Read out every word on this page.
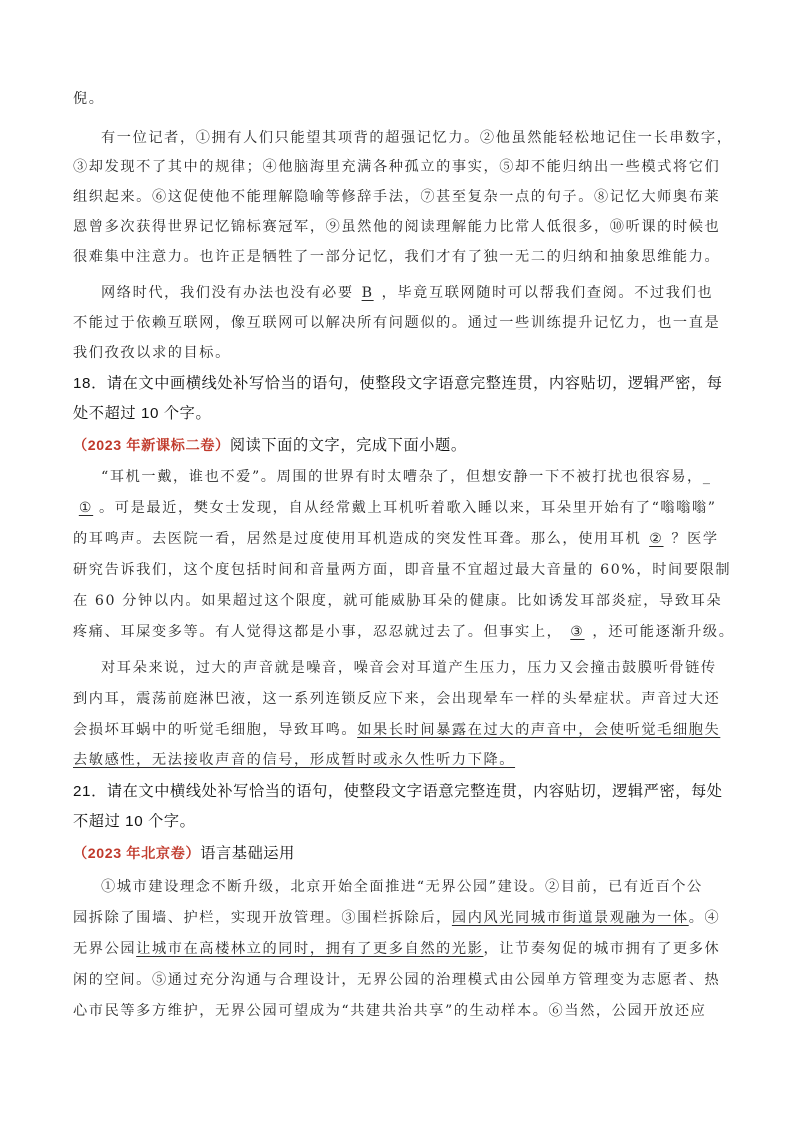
倪。
有一位记者，①拥有人们只能望其项背的超强记忆力。②他虽然能轻松地记住一长串数字，
③却发现不了其中的规律；④他脑海里充满各种孤立的事实，⑤却不能归纳出一些模式将它们
组织起来。⑥这促使他不能理解隐喻等修辞手法，⑦甚至复杂一点的句子。⑧记忆大师奥布莱
恩曾多次获得世界记忆锦标赛冠军，⑨虽然他的阅读理解能力比常人低很多，⑩听课的时候也
很难集中注意力。也许正是牺牲了一部分记忆，我们才有了独一无二的归纳和抽象思维能力。
网络时代，我们没有办法也没有必要 B ，毕竟互联网随时可以帮我们查阅。不过我们也
不能过于依赖互联网，像互联网可以解决所有问题似的。通过一些训练提升记忆力，也一直是
我们孜孜以求的目标。
18．请在文中画横线处补写恰当的语句，使整段文字语意完整连贯，内容贴切，逻辑严密，每
处不超过 10 个字。
（2023 年新课标二卷）阅读下面的文字，完成下面小题。
“耳机一戴，谁也不爱”。周围的世界有时太嘈杂了，但想安静一下不被打扰也很容易，_
① 。可是最近，樊女士发现，自从经常戴上耳机听着歌入睡以来，耳朵里开始有了“嗡嗡嗡”
的耳鸣声。去医院一看，居然是过度使用耳机造成的突发性耳聋。那么，使用耳机 ② ？医学
研究告诉我们，这个度包括时间和音量两方面，即音量不宜超过最大音量的 60%，时间要限制
在 60 分钟以内。如果超过这个限度，就可能威胁耳朵的健康。比如诱发耳部炎症，导致耳朵
疼痛、耳屎变多等。有人觉得这都是小事，忍忍就过去了。但事实上， ③ ，还可能逐渐升级。
对耳朵来说，过大的声音就是噪音，噪音会对耳道产生压力，压力又会撞击鼓膜听骨链传
到内耳，震荡前庭淋巴液，这一系列连锁反应下来，会出现晕车一样的头晕症状。声音过大还
会损坏耳蜗中的听觉毛细胞，导致耳鸣。如果长时间暴露在过大的声音中，会使听觉毛细胞失
去敏感性，无法接收声音的信号，形成暂时或永久性听力下降。
21．请在文中横线处补写恰当的语句，使整段文字语意完整连贯，内容贴切，逻辑严密，每处
不超过 10 个字。
（2023 年北京卷）语言基础运用
①城市建设理念不断升级，北京开始全面推进“无界公园”建设。②目前，已有近百个公
园拆除了围墙、护栏，实现开放管理。③围栏拆除后，园内风光同城市街道景观融为一体。④
无界公园让城市在高楼林立的同时，拥有了更多自然的光影，让节奏匆促的城市拥有了更多休
闲的空间。⑤通过充分沟通与合理设计，无界公园的治理模式由公园单方管理变为志愿者、热
心市民等多方维护，无界公园可望成为“共建共治共享”的生动样本。⑥当然，公园开放还应
